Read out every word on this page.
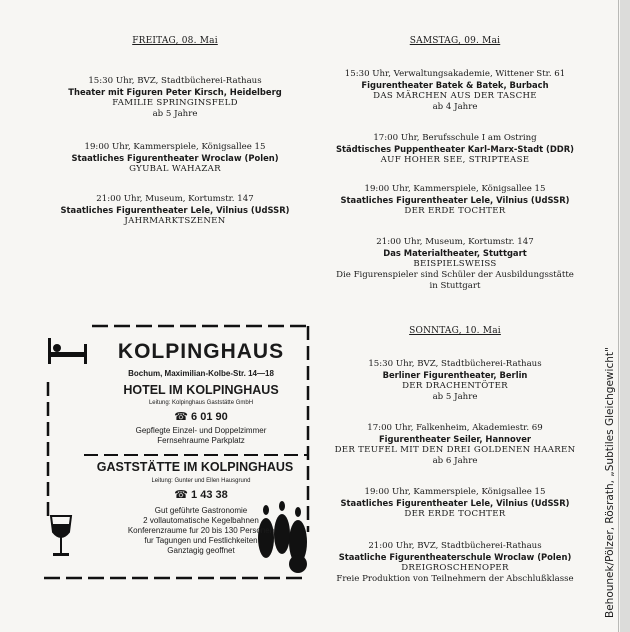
FREITAG, 08. Mai
15:30 Uhr, BVZ, Stadtbücherei-Rathaus
Theater mit Figuren Peter Kirsch, Heidelberg
FAMILIE SPRINGINSFELD
ab 5 Jahre
19:00 Uhr, Kammerspiele, Königsallee 15
Staatliches Figurentheater Wroclaw (Polen)
GYUBAL WAHAZAR
21:00 Uhr, Museum, Kortumstr. 147
Staatliches Figurentheater Lele, Vilnius (UdSSR)
JAHRMARKTSZENEN
SAMSTAG, 09. Mai
15:30 Uhr, Verwaltungsakademie, Wittener Str. 61
Figurentheater Batek & Batek, Burbach
DAS MÄRCHEN AUS DER TASCHE
ab 4 Jahre
17:00 Uhr, Berufsschule I am Ostring
Städtisches Puppentheater Karl-Marx-Stadt (DDR)
AUF HOHER SEE, STRIPTEASE
19:00 Uhr, Kammerspiele, Königsallee 15
Staatliches Figurentheater Lele, Vilnius (UdSSR)
DER ERDE TOCHTER
21:00 Uhr, Museum, Kortumstr. 147
Das Materialtheater, Stuttgart
BEISPIELSWEISS
Die Figurenspieler sind Schüler der Ausbildungsstätte
in Stuttgart
SONNTAG, 10. Mai
15:30 Uhr, BVZ, Stadtbücherei-Rathaus
Berliner Figurentheater, Berlin
DER DRACHENTÖTER
ab 5 Jahre
17:00 Uhr, Falkenheim, Akademiestr. 69
Figurentheater Seiler, Hannover
DER TEUFEL MIT DEN DREI GOLDENEN HAAREN
ab 6 Jahre
19:00 Uhr, Kammerspiele, Königsallee 15
Staatliches Figurentheater Lele, Vilnius (UdSSR)
DER ERDE TOCHTER
21:00 Uhr, BVZ, Stadtbücherei-Rathaus
Staatliche Figurentheaterschule Wroclaw (Polen)
DREIGROSCHENOPER
Freie Produktion von Teilnehmern der Abschlußklasse	Behounek/Pölzer, Rösrath, „Subtiles Gleichgewicht"
KOLPINGHAUS
Bochum, Maximilian-Kolbe-Str. 14—18
HOTEL IM KOLPINGHAUS
Leitung: Kolpinghaus Gaststätte GmbH
☎ 6 01 90
Gepflegte Einzel- und Doppelzimmer
Fernsehraume Parkplatz
GASTSTÄTTE IM KOLPINGHAUS
Leitung: Gunter und Ellen Hausgrund
☎ 1 43 38
Gut geführte Gastronomie
2 vollautomatische Kegelbahnen
Konferenzraume fur 20 bis 130 Personen
fur Tagungen und Festlichkeiten
Ganztagig geoffnet
